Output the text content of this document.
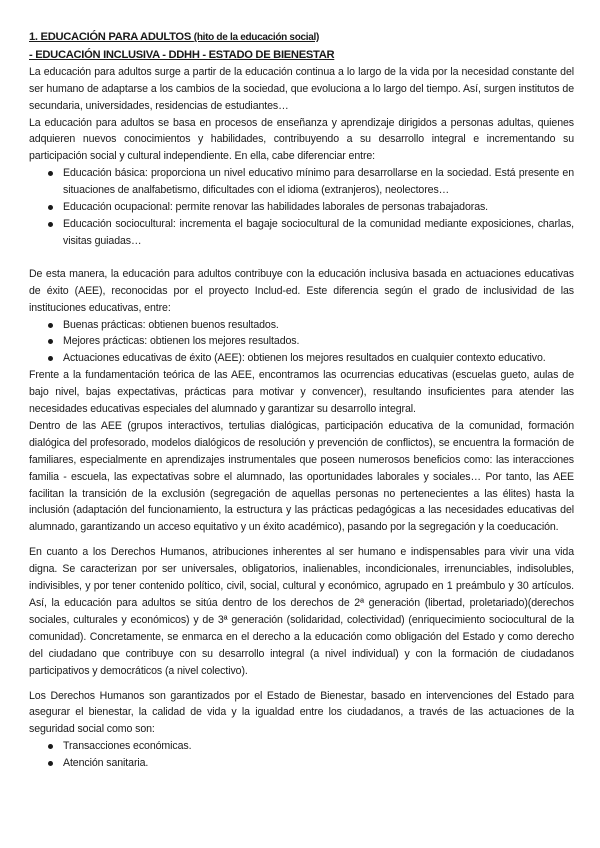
1. EDUCACIÓN PARA ADULTOS (hito de la educación social)
- EDUCACIÓN INCLUSIVA - DDHH - ESTADO DE BIENESTAR

La educación para adultos surge a partir de la educación continua a lo largo de la vida por la necesidad constante del ser humano de adaptarse a los cambios de la sociedad, que evoluciona a lo largo del tiempo. Así, surgen institutos de secundaria, universidades, residencias de estudiantes…

La educación para adultos se basa en procesos de enseñanza y aprendizaje dirigidos a personas adultas, quienes adquieren nuevos conocimientos y habilidades, contribuyendo a su desarrollo integral e incrementando su participación social y cultural independiente. En ella, cabe diferenciar entre:

Educación básica: proporciona un nivel educativo mínimo para desarrollarse en la sociedad. Está presente en situaciones de analfabetismo, dificultades con el idioma (extranjeros), neolectores…
Educación ocupacional: permite renovar las habilidades laborales de personas trabajadoras.
Educación sociocultural: incrementa el bagaje sociocultural de la comunidad mediante exposiciones, charlas, visitas guiadas…

De esta manera, la educación para adultos contribuye con la educación inclusiva basada en actuaciones educativas de éxito (AEE), reconocidas por el proyecto Includ-ed. Este diferencia según el grado de inclusividad de las instituciones educativas, entre:

Buenas prácticas: obtienen buenos resultados.
Mejores prácticas: obtienen los mejores resultados.
Actuaciones educativas de éxito (AEE): obtienen los mejores resultados en cualquier contexto educativo.

Frente a la fundamentación teórica de las AEE, encontramos las ocurrencias educativas (escuelas gueto, aulas de bajo nivel, bajas expectativas, prácticas para motivar y convencer), resultando insuficientes para atender las necesidades educativas especiales del alumnado y garantizar su desarrollo integral.

Dentro de las AEE (grupos interactivos, tertulias dialógicas, participación educativa de la comunidad, formación dialógica del profesorado, modelos dialógicos de resolución y prevención de conflictos), se encuentra la formación de familiares, especialmente en aprendizajes instrumentales que poseen numerosos beneficios como: las interacciones familia - escuela, las expectativas sobre el alumnado, las oportunidades laborales y sociales… Por tanto, las AEE facilitan la transición de la exclusión (segregación de aquellas personas no pertenecientes a las élites) hasta la inclusión (adaptación del funcionamiento, la estructura y las prácticas pedagógicas a las necesidades educativas del alumnado, garantizando un acceso equitativo y un éxito académico), pasando por la segregación y la coeducación.

En cuanto a los Derechos Humanos, atribuciones inherentes al ser humano e indispensables para vivir una vida digna. Se caracterizan por ser universales, obligatorios, inalienables, incondicionales, irrenunciables, indisolubles, indivisibles, y por tener contenido político, civil, social, cultural y económico, agrupado en 1 preámbulo y 30 artículos. Así, la educación para adultos se sitúa dentro de los derechos de 2ª generación (libertad, proletariado)(derechos sociales, culturales y económicos) y de 3ª generación (solidaridad, colectividad) (enriquecimiento sociocultural de la comunidad). Concretamente, se enmarca en el derecho a la educación como obligación del Estado y como derecho del ciudadano que contribuye con su desarrollo integral (a nivel individual) y con la formación de ciudadanos participativos y democráticos (a nivel colectivo).

Los Derechos Humanos son garantizados por el Estado de Bienestar, basado en intervenciones del Estado para asegurar el bienestar, la calidad de vida y la igualdad entre los ciudadanos, a través de las actuaciones de la seguridad social como son:

Transacciones económicas.
Atención sanitaria.
